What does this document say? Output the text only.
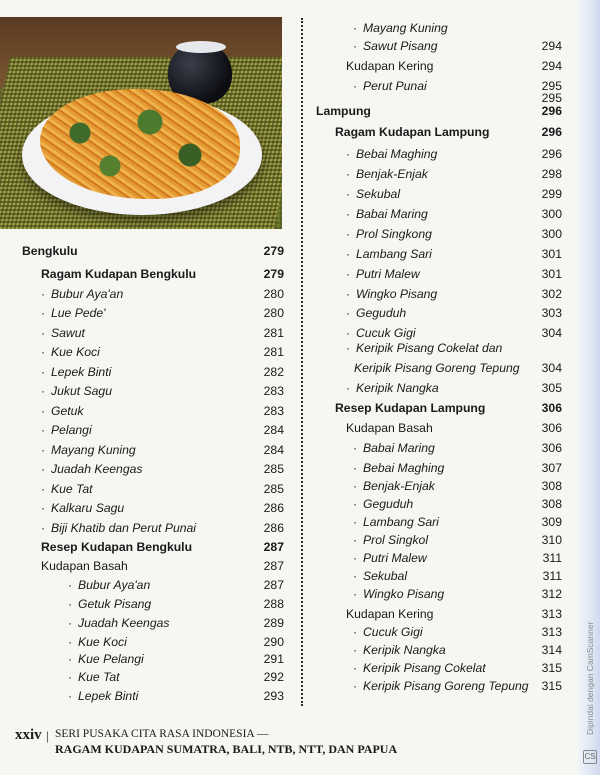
Bengkulu	279
Ragam Kudapan Bengkulu	279
· Bubur Aya'an	280
· Lue Pede'	280
· Sawut	281
· Kue Koci	281
· Lepek Binti	282
· Jukut Sagu	283
· Getuk	283
· Pelangi	284
· Mayang Kuning	284
· Juadah Keengas	285
· Kue Tat	285
· Kalkaru Sagu	286
· Biji Khatib dan Perut Punai	286
Resep Kudapan Bengkulu	287
Kudapan Basah	287
· Bubur Aya'an	287
· Getuk Pisang	288
· Juadah Keengas	289
· Kue Koci	290
· Kue Pelangi	291
· Kue Tat	292
· Lepek Binti	293
· Mayang Kuning
· Sawut Pisang	294
Kudapan Kering	294
· Perut Punai	295
295
Lampung	296
Ragam Kudapan Lampung	296
· Bebai Maghing	296
· Benjak-Enjak	298
· Sekubal	299
· Babai Maring	300
· Prol Singkong	300
· Lambang Sari	301
· Putri Malew	301
· Wingko Pisang	302
· Geguduh	303
· Cucuk Gigi	304
· Keripik Pisang Cokelat dan
Keripik Pisang Goreng Tepung	304
· Keripik Nangka	305
Resep Kudapan Lampung	306
Kudapan Basah	306
· Babai Maring	306
· Bebai Maghing	307
· Benjak-Enjak	308
· Geguduh	308
· Lambang Sari	309
· Prol Singkol	310
· Putri Malew	311
· Sekubal	311
· Wingko Pisang	312
Kudapan Kering	313
· Cucuk Gigi	313
· Keripik Nangka	314
· Keripik Pisang Cokelat	315
· Keripik Pisang Goreng Tepung	315
xxiv | SERI PUSAKA CITA RASA INDONESIA —
RAGAM KUDAPAN SUMATRA, BALI, NTB, NTT, DAN PAPUA
Dipindai dengan CamScanner
CS
